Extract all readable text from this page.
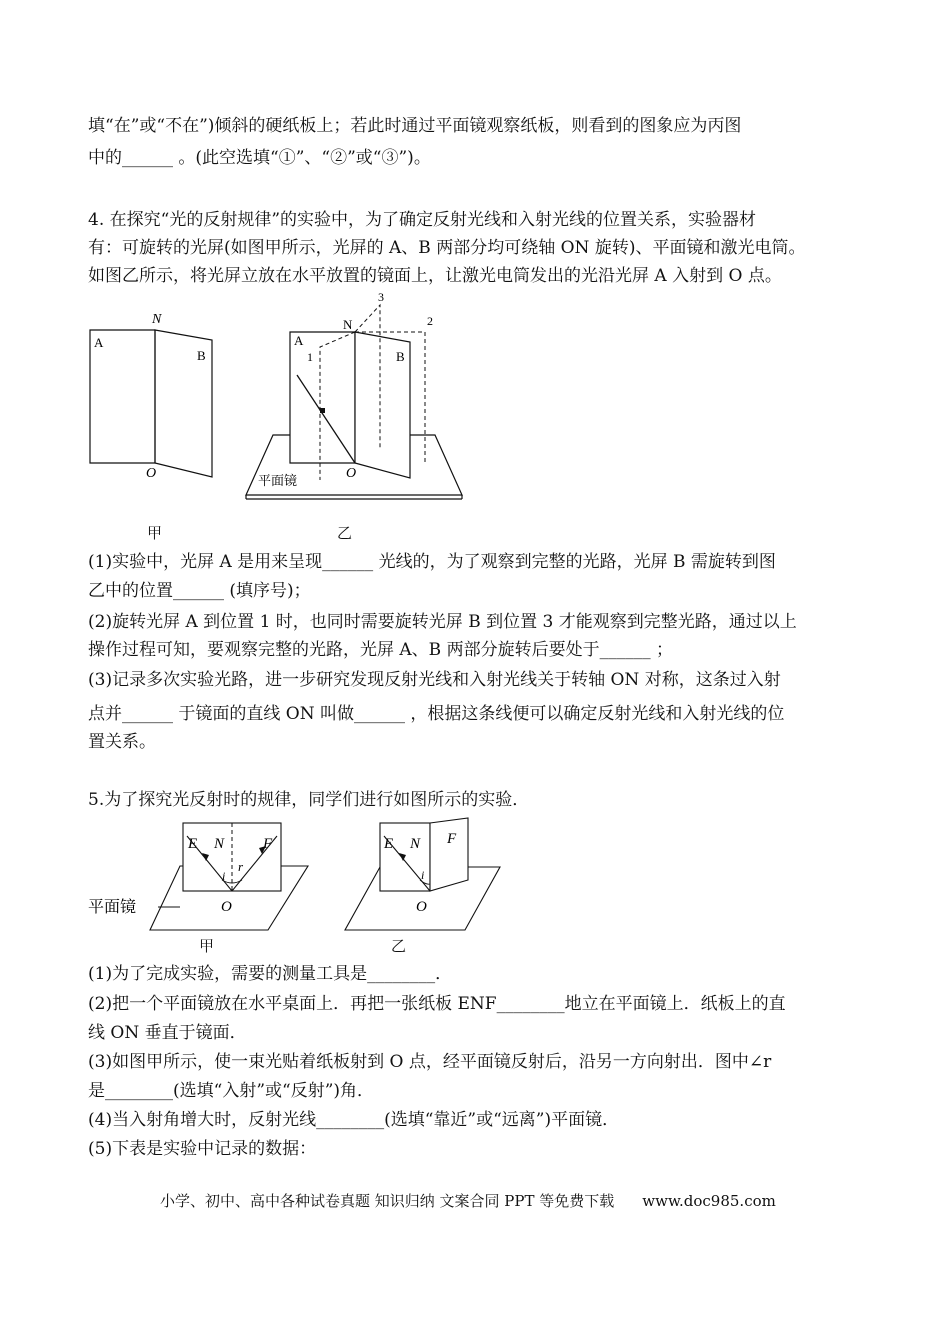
填“在”或“不在”)倾斜的硬纸板上；若此时通过平面镜观察纸板，则看到的图象应为丙图
中的______ 。(此空选填“①”、“②”或“③”)。
4. 在探究“光的反射规律”的实验中，为了确定反射光线和入射光线的位置关系，实验器材
有：可旋转的光屏(如图甲所示，光屏的 A、B 两部分均可绕轴 ON 旋转)、平面镜和激光电筒。
如图乙所示，将光屏立放在水平放置的镜面上，让激光电筒发出的光沿光屏 A 入射到 O 点。
N
A
B
O
甲
N
A
B
O
1
2
3
平面镜
乙
(1)实验中，光屏 A 是用来呈现______ 光线的，为了观察到完整的光路，光屏 B 需旋转到图
乙中的位置______ (填序号)；
(2)旋转光屏 A 到位置 1 时，也同时需要旋转光屏 B 到位置 3 才能观察到完整光路，通过以上
操作过程可知，要观察完整的光路，光屏 A、B 两部分旋转后要处于______ ；
(3)记录多次实验光路，进一步研究发现反射光线和入射光线关于转轴 ON 对称，这条过入射
点并______ 于镜面的直线 ON 叫做______ ，根据这条线便可以确定反射光线和入射光线的位
置关系。
5.为了探究光反射时的规律，同学们进行如图所示的实验．
E N	F
i
r
O
平面镜
甲
E N F
i
O
乙
(1)为了完成实验，需要的测量工具是________．
(2)把一个平面镜放在水平桌面上．再把一张纸板 ENF________地立在平面镜上．纸板上的直
线 ON 垂直于镜面．
(3)如图甲所示，使一束光贴着纸板射到 O 点，经平面镜反射后，沿另一方向射出．图中∠r
是________(选填“入射”或“反射”)角．
(4)当入射角增大时，反射光线________(选填“靠近”或“远离”)平面镜．
(5)下表是实验中记录的数据：
小学、初中、高中各种试卷真题 知识归纳 文案合同 PPT 等免费下载 www.doc985.com
